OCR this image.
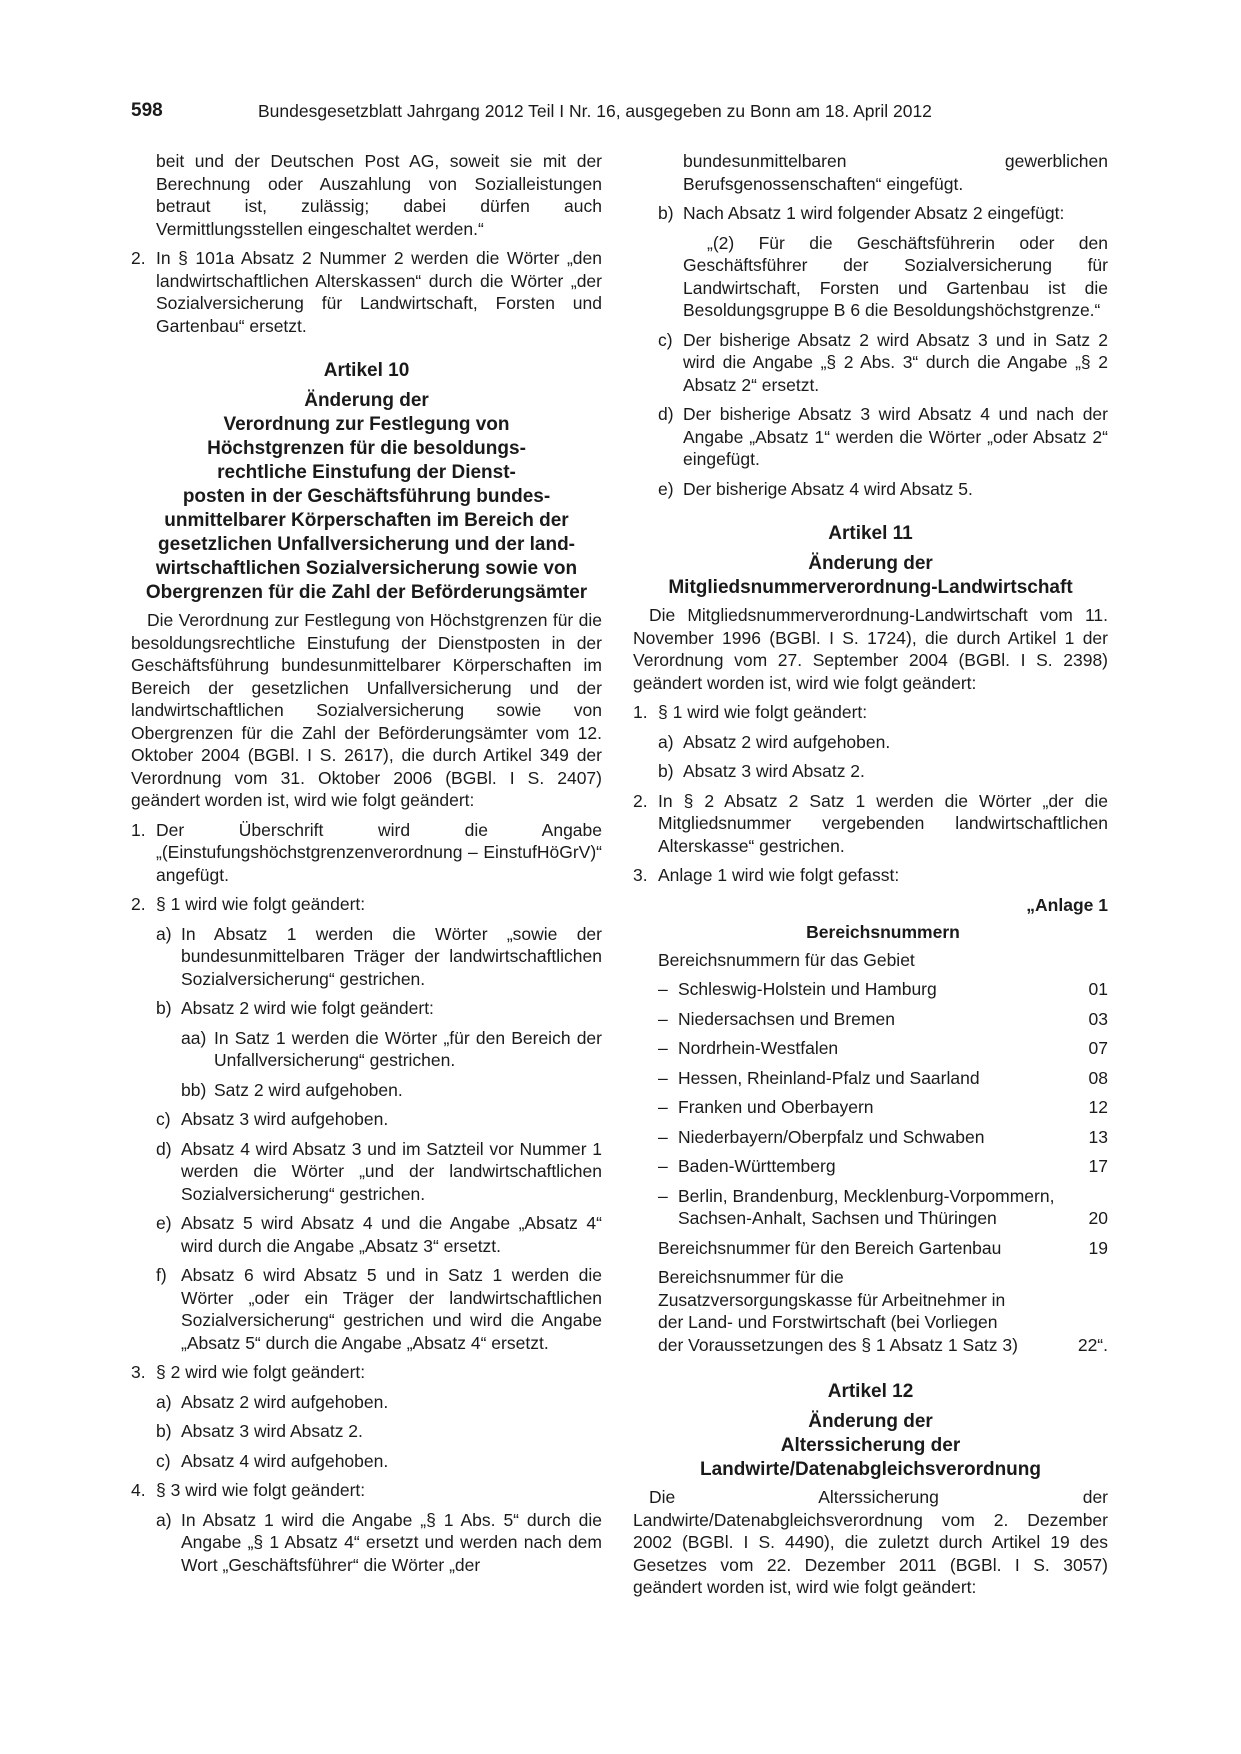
598	Bundesgesetzblatt Jahrgang 2012 Teil I Nr. 16, ausgegeben zu Bonn am 18. April 2012

beit und der Deutschen Post AG, soweit sie mit der Berechnung oder Auszahlung von Sozialleistungen betraut ist, zulässig; dabei dürfen auch Vermittlungsstellen eingeschaltet werden.“

2. In § 101a Absatz 2 Nummer 2 werden die Wörter „den landwirtschaftlichen Alterskassen“ durch die Wörter „der Sozialversicherung für Landwirtschaft, Forsten und Gartenbau“ ersetzt.

Artikel 10

Änderung der

Verordnung zur Festlegung von

Höchstgrenzen für die besoldungs-

rechtliche Einstufung der Dienst-

posten in der Geschäftsführung bundes-

unmittelbarer Körperschaften im Bereich der

gesetzlichen Unfallversicherung und der land-

wirtschaftlichen Sozialversicherung sowie von

Obergrenzen für die Zahl der Beförderungsämter

Die Verordnung zur Festlegung von Höchstgrenzen für die besoldungsrechtliche Einstufung der Dienstposten in der Geschäftsführung bundesunmittelbarer Körperschaften im Bereich der gesetzlichen Unfallversicherung und der landwirtschaftlichen Sozialversicherung sowie von Obergrenzen für die Zahl der Beförderungsämter vom 12. Oktober 2004 (BGBl. I S. 2617), die durch Artikel 349 der Verordnung vom 31. Oktober 2006 (BGBl. I S. 2407) geändert worden ist, wird wie folgt geändert:

1. Der Überschrift wird die Angabe „(Einstufungshöchstgrenzenverordnung – EinstufHöGrV)“ angefügt.
2. § 1 wird wie folgt geändert:
a) In Absatz 1 werden die Wörter „sowie der bundesunmittelbaren Träger der landwirtschaftlichen Sozialversicherung“ gestrichen.
b) Absatz 2 wird wie folgt geändert:
aa) In Satz 1 werden die Wörter „für den Bereich der Unfallversicherung“ gestrichen.
bb) Satz 2 wird aufgehoben.
c) Absatz 3 wird aufgehoben.
d) Absatz 4 wird Absatz 3 und im Satzteil vor Nummer 1 werden die Wörter „und der landwirtschaftlichen Sozialversicherung“ gestrichen.
e) Absatz 5 wird Absatz 4 und die Angabe „Absatz 4“ wird durch die Angabe „Absatz 3“ ersetzt.
f) Absatz 6 wird Absatz 5 und in Satz 1 werden die Wörter „oder ein Träger der landwirtschaftlichen Sozialversicherung“ gestrichen und wird die Angabe „Absatz 5“ durch die Angabe „Absatz 4“ ersetzt.
3. § 2 wird wie folgt geändert:
a) Absatz 2 wird aufgehoben.
b) Absatz 3 wird Absatz 2.
c) Absatz 4 wird aufgehoben.
4. § 3 wird wie folgt geändert:
a) In Absatz 1 wird die Angabe „§ 1 Abs. 5“ durch die Angabe „§ 1 Absatz 4“ ersetzt und werden nach dem Wort „Geschäftsführer“ die Wörter „der

bundesunmittelbaren gewerblichen Berufsgenossenschaften“ eingefügt.

b) Nach Absatz 1 wird folgender Absatz 2 eingefügt:

„(2) Für die Geschäftsführerin oder den Geschäftsführer der Sozialversicherung für Landwirtschaft, Forsten und Gartenbau ist die Besoldungsgruppe B 6 die Besoldungshöchstgrenze.“

c) Der bisherige Absatz 2 wird Absatz 3 und in Satz 2 wird die Angabe „§ 2 Abs. 3“ durch die Angabe „§ 2 Absatz 2“ ersetzt.
d) Der bisherige Absatz 3 wird Absatz 4 und nach der Angabe „Absatz 1“ werden die Wörter „oder Absatz 2“ eingefügt.
e) Der bisherige Absatz 4 wird Absatz 5.

Artikel 11

Änderung der

Mitgliedsnummerverordnung-Landwirtschaft

Die Mitgliedsnummerverordnung-Landwirtschaft vom 11. November 1996 (BGBl. I S. 1724), die durch Artikel 1 der Verordnung vom 27. September 2004 (BGBl. I S. 2398) geändert worden ist, wird wie folgt geändert:

1. § 1 wird wie folgt geändert:
a) Absatz 2 wird aufgehoben.
b) Absatz 3 wird Absatz 2.
2. In § 2 Absatz 2 Satz 1 werden die Wörter „der die Mitgliedsnummer vergebenden landwirtschaftlichen Alterskasse“ gestrichen.
3. Anlage 1 wird wie folgt gefasst:

„Anlage 1

Bereichsnummern

Bereichsnummern für das Gebiet

– Schleswig-Holstein und Hamburg	01
– Niedersachsen und Bremen	03
– Nordrhein-Westfalen	07
– Hessen, Rheinland-Pfalz und Saarland	08
– Franken und Oberbayern	12
– Niederbayern/Oberpfalz und Schwaben	13
– Baden-Württemberg	17
– Berlin, Brandenburg, Mecklenburg-Vorpommern, Sachsen-Anhalt, Sachsen und Thüringen	20
Bereichsnummer für den Bereich Gartenbau	19
Bereichsnummer für die Zusatzversorgungskasse für Arbeitnehmer in der Land- und Forstwirtschaft (bei Vorliegen der Voraussetzungen des § 1 Absatz 1 Satz 3)	22“.

Artikel 12

Änderung der

Alterssicherung der

Landwirte/Datenabgleichsverordnung

Die Alterssicherung der Landwirte/Datenabgleichsverordnung vom 2. Dezember 2002 (BGBl. I S. 4490), die zuletzt durch Artikel 19 des Gesetzes vom 22. Dezember 2011 (BGBl. I S. 3057) geändert worden ist, wird wie folgt geändert:
